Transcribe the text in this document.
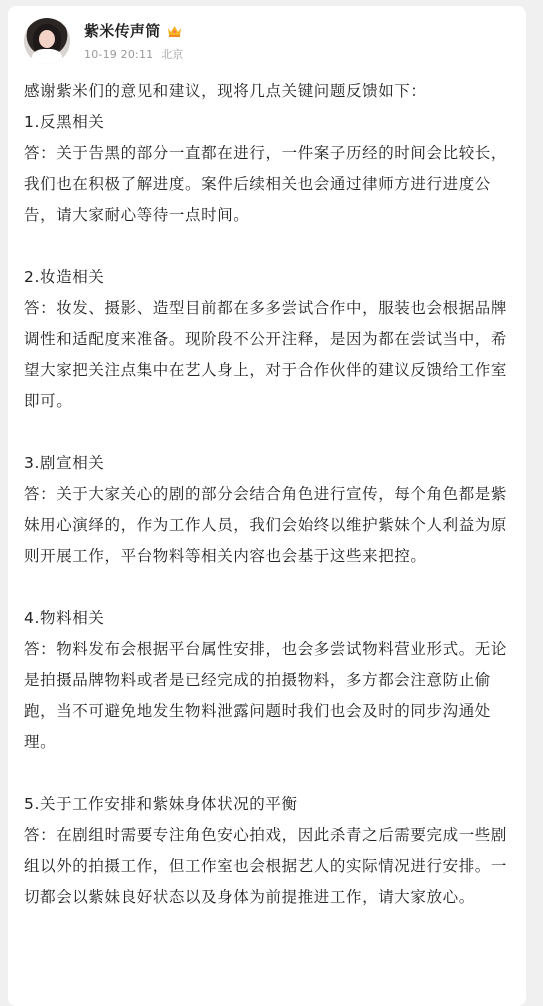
紫米传声筒
10-19 20:11 北京

感谢紫米们的意见和建议，现将几点关键问题反馈如下：

1.反黑相关

答：关于告黑的部分一直都在进行，一件案子历经的时间会比较长，我们也在积极了解进度。案件后续相关也会通过律师方进行进度公告，请大家耐心等待一点时间。

2.妆造相关

答：妆发、摄影、造型目前都在多多尝试合作中，服装也会根据品牌调性和适配度来准备。现阶段不公开注释，是因为都在尝试当中，希望大家把关注点集中在艺人身上，对于合作伙伴的建议反馈给工作室即可。

3.剧宣相关

答：关于大家关心的剧的部分会结合角色进行宣传，每个角色都是紫妹用心演绎的，作为工作人员，我们会始终以维护紫妹个人利益为原则开展工作，平台物料等相关内容也会基于这些来把控。

4.物料相关

答：物料发布会根据平台属性安排，也会多尝试物料营业形式。无论是拍摄品牌物料或者是已经完成的拍摄物料，多方都会注意防止偷跑，当不可避免地发生物料泄露问题时我们也会及时的同步沟通处理。

5.关于工作安排和紫妹身体状况的平衡

答：在剧组时需要专注角色安心拍戏，因此杀青之后需要完成一些剧组以外的拍摄工作，但工作室也会根据艺人的实际情况进行安排。一切都会以紫妹良好状态以及身体为前提推进工作，请大家放心。
